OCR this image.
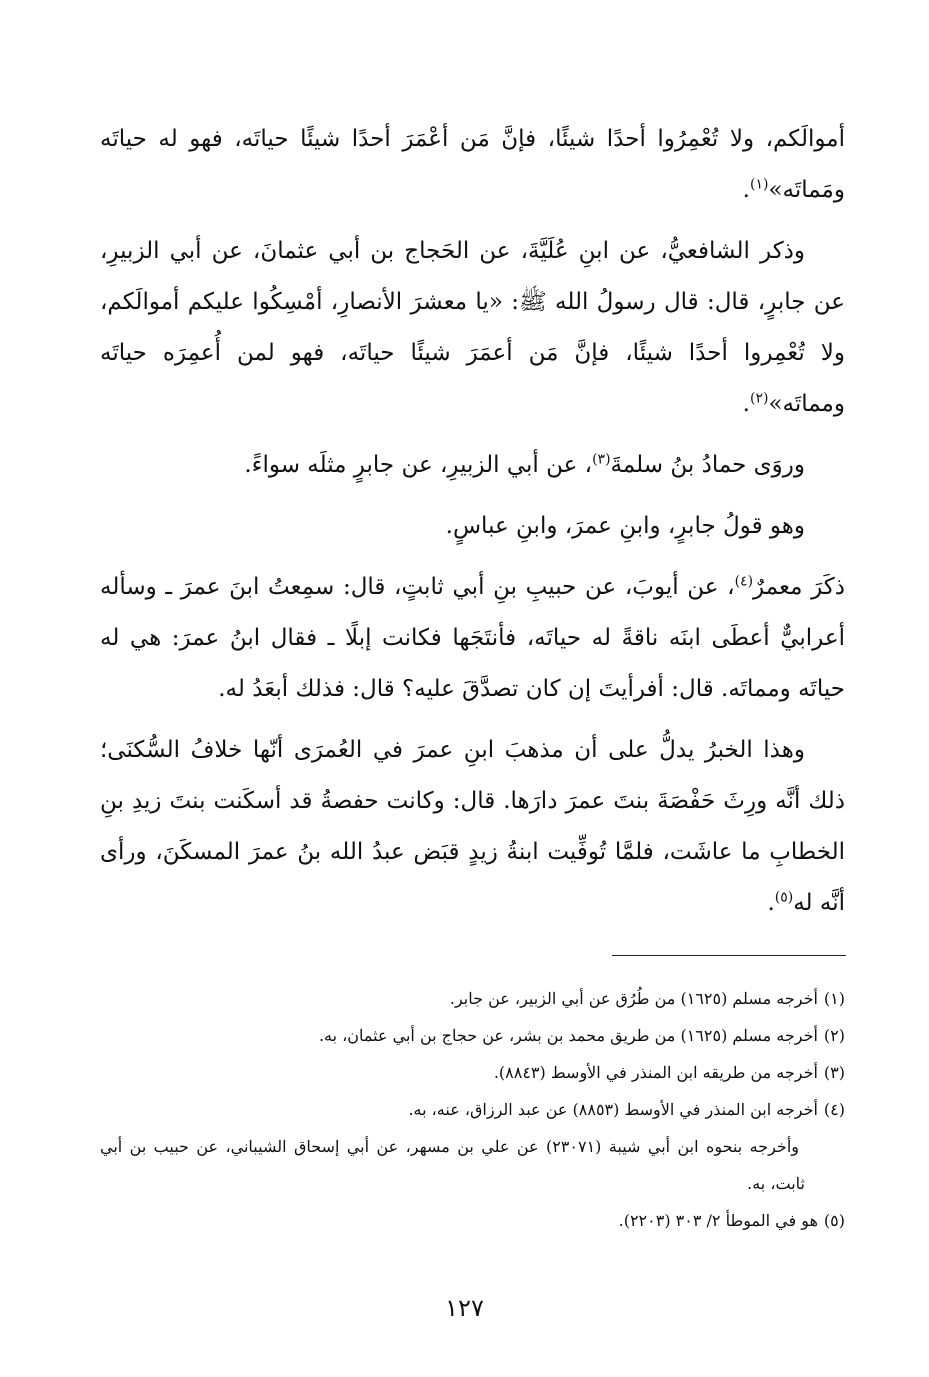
أموالَكم، ولا تُعْمِرُوا أحدًا شيئًا، فإنَّ مَن أعْمَرَ أحدًا شيئًا حياتَه، فهو له حياتَه ومَماتَه»$^{(١)}$.

وذكر الشافعيُّ، عن ابنِ عُلَيَّةَ، عن الحَجاج بن أبي عثمانَ، عن أبي الزبيرِ، عن جابرٍ، قال: قال رسولُ الله ﷺ: «يا معشرَ الأنصارِ، أمْسِكُوا عليكم أموالَكم، ولا تُعْمِروا أحدًا شيئًا، فإنَّ مَن أعمَرَ شيئًا حياتَه، فهو لمن أُعمِرَه حياتَه ومماتَه»$^{(٢)}$.

وروَى حمادُ بنُ سلمةَ$^{(٣)}$، عن أبي الزبيرِ، عن جابرٍ مثلَه سواءً.

وهو قولُ جابرٍ، وابنِ عمرَ، وابنِ عباسٍ.

ذكَرَ معمرٌ$^{(٤)}$، عن أيوبَ، عن حبيبِ بنِ أبي ثابتٍ، قال: سمِعتُ ابنَ عمرَ ـ وسأله أعرابيٌّ أعطَى ابنَه ناقةً له حياتَه، فأنتَجَها فكانت إبلًا ـ فقال ابنُ عمرَ: هي له حياتَه ومماتَه. قال: أفرأيتَ إن كان تصدَّقَ عليه؟ قال: فذلك أبعَدُ له.

وهذا الخبرُ يدلُّ على أن مذهبَ ابنِ عمرَ في العُمرَى أنّها خلافُ السُّكنَى؛ ذلك أنَّه ورِثَ حَفْصَةَ بنتَ عمرَ دارَها. قال: وكانت حفصةُ قد أسكَنت بنتَ زيدِ بنِ الخطابِ ما عاشَت، فلمَّا تُوفِّيت ابنةُ زيدٍ قبَض عبدُ الله بنُ عمرَ المسكَنَ، ورأى أنَّه له$^{(٥)}$.

(١)أخرجه مسلم (١٦٢٥) من طُرُق عن أبي الزبير، عن جابر.

(٢)أخرجه مسلم (١٦٢٥) من طريق محمد بن بشر، عن حجاج بن أبي عثمان، به.

(٣)أخرجه من طريقه ابن المنذر في الأوسط (٨٨٤٣).

(٤)أخرجه ابن المنذر في الأوسط (٨٨٥٣) عن عبد الرزاق، عنه، به.

وأخرجه بنحوه ابن أبي شيبة (٢٣٠٧١) عن علي بن مسهر، عن أبي إسحاق الشيباني، عن حبيب بن أبي ثابت، به.

(٥)هو في الموطأ ٢/ ٣٠٣ (٢٢٠٣).

١٢٧
